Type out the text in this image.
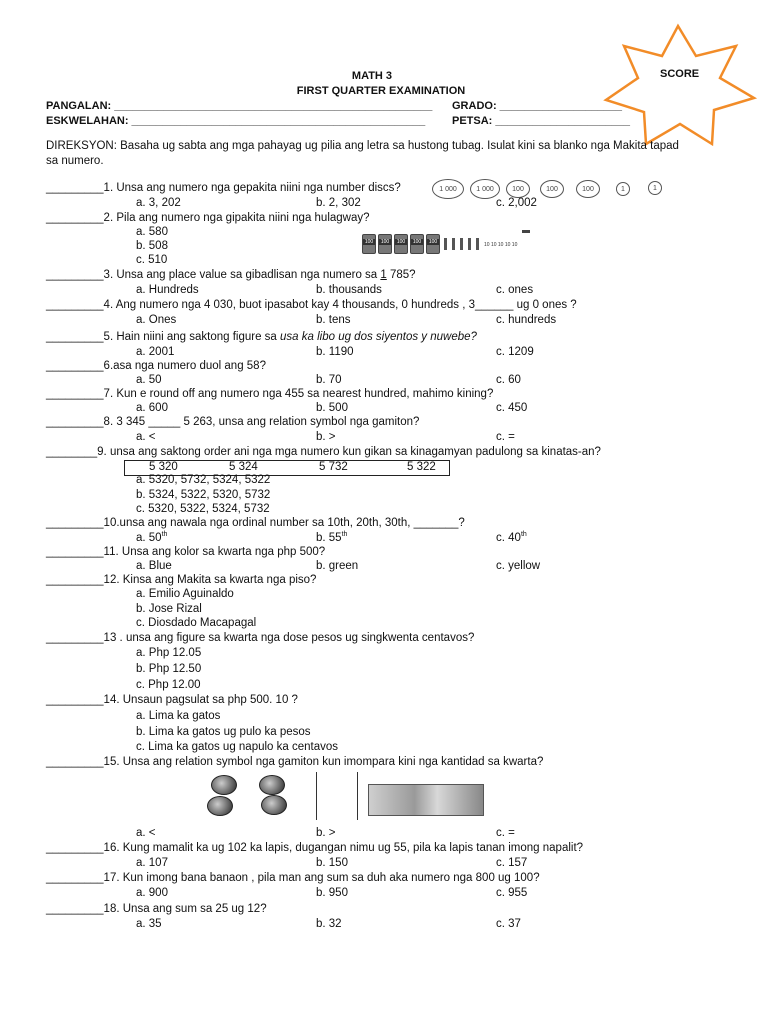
SCORE
MATH 3
FIRST QUARTER EXAMINATION
PANGALAN: ____________________________________________________ GRADO: ____________________
ESKWELAHAN: ________________________________________________ PETSA: ______________________
DIREKSYON: Basaha ug sabta ang mga pahayag ug pilia ang letra sa hustong tubag. Isulat kini sa blanko nga Makita tapad
sa numero.
_________1. Unsa ang numero nga gepakita niini nga number discs?	1 000	1 000	100	100	100	1	1
a. 3, 202	b. 2, 302	c. 2,002
_________2. Pila ang numero nga gipakita niini nga hulagway?
a. 580
b. 508
c. 510
100	100	100	100	100	10 10 10 10 10
_________3. Unsa ang place value sa gibadlisan nga numero sa 1 785?
a. Hundreds	b. thousands	c. ones
_________4. Ang numero nga 4 030, buot ipasabot kay 4 thousands, 0 hundreds , 3______ ug 0 ones ?
a. Ones	b. tens	c. hundreds
_________5. Hain niini ang saktong figure sa usa ka libo ug dos siyentos y nuwebe?
a. 2001	b. 1190	c. 1209
_________6.asa nga numero duol ang 58?
a. 50	b. 70	c. 60
_________7. Kun e round off ang numero nga 455 sa nearest hundred, mahimo kining?
a. 600	b. 500	c. 450
_________8. 3 345 _____ 5 263, unsa ang relation symbol nga gamiton?
a. <	b. >	c. =
________9. unsa ang saktong order ani nga mga numero kun gikan sa kinagamyan padulong sa kinatas-an?
5 320	5 324	5 732	5 322
a. 5320, 5732, 5324, 5322
b. 5324, 5322, 5320, 5732
c. 5320, 5322, 5324, 5732
_________10.unsa ang nawala nga ordinal number sa 10th, 20th, 30th, _______?
a. 50th	b. 55th	c. 40th
_________11. Unsa ang kolor sa kwarta nga php 500?
a. Blue	b. green	c. yellow
_________12. Kinsa ang Makita sa kwarta nga piso?
a. Emilio Aguinaldo
b. Jose Rizal
c. Diosdado Macapagal
_________13 . unsa ang figure sa kwarta nga dose pesos ug singkwenta centavos?
a. Php 12.05
b. Php 12.50
c. Php 12.00
_________14. Unsaun pagsulat sa php 500. 10 ?
a. Lima ka gatos
b. Lima ka gatos ug pulo ka pesos
c. Lima ka gatos ug napulo ka centavos
_________15. Unsa ang relation symbol nga gamiton kun imompara kini nga kantidad sa kwarta?
a. <	b. >	c. =
_________16. Kung mamalit ka ug 102 ka lapis, dugangan nimu ug 55, pila ka lapis tanan imong napalit?
a. 107	b. 150	c. 157
_________17. Kun imong bana banaon , pila man ang sum sa duh aka numero nga 800 ug 100?
a. 900	b. 950	c. 955
_________18. Unsa ang sum sa 25 ug 12?
a. 35	b. 32	c. 37
